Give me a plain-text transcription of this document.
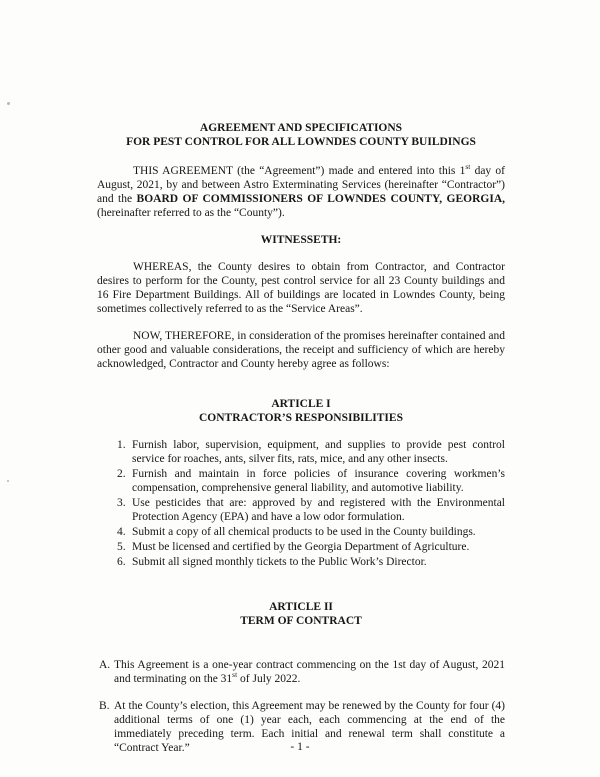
AGREEMENT AND SPECIFICATIONS
FOR PEST CONTROL FOR ALL LOWNDES COUNTY BUILDINGS

THIS AGREEMENT (the “Agreement”) made and entered into this 1st day of August, 2021, by and between Astro Exterminating Services (hereinafter “Contractor”) and the BOARD OF COMMISSIONERS OF LOWNDES COUNTY, GEORGIA, (hereinafter referred to as the “County”).

WITNESSETH:

WHEREAS, the County desires to obtain from Contractor, and Contractor desires to perform for the County, pest control service for all 23 County buildings and 16 Fire Department Buildings. All of buildings are located in Lowndes County, being sometimes collectively referred to as the “Service Areas”.

NOW, THEREFORE, in consideration of the promises hereinafter contained and other good and valuable considerations, the receipt and sufficiency of which are hereby acknowledged, Contractor and County hereby agree as follows:

ARTICLE I
CONTRACTOR’S RESPONSIBILITIES
1. Furnish labor, supervision, equipment, and supplies to provide pest control service for roaches, ants, silver fits, rats, mice, and any other insects.
2. Furnish and maintain in force policies of insurance covering workmen’s compensation, comprehensive general liability, and automotive liability.
3. Use pesticides that are: approved by and registered with the Environmental Protection Agency (EPA) and have a low odor formulation.
4. Submit a copy of all chemical products to be used in the County buildings.
5. Must be licensed and certified by the Georgia Department of Agriculture.
6. Submit all signed monthly tickets to the Public Work’s Director.
ARTICLE II
TERM OF CONTRACT
A. This Agreement is a one-year contract commencing on the 1st day of August, 2021 and terminating on the 31st of July 2022.
B. At the County’s election, this Agreement may be renewed by the County for four (4) additional terms of one (1) year each, each commencing at the end of the immediately preceding term. Each initial and renewal term shall constitute a “Contract Year.”	- 1 -
